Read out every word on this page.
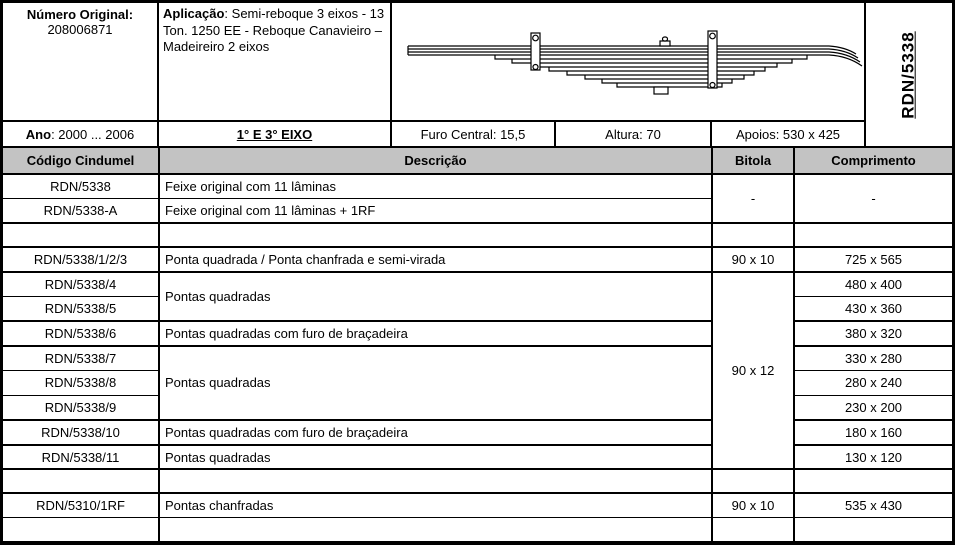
Número Original:
208006871
Aplicação: Semi-reboque 3 eixos - 13 Ton. 1250 EE - Reboque Canavieiro – Madeireiro 2 eixos	RDN/5338
Ano : 2000 ... 2006	1° E 3° EIXO	Furo Central: 15,5	Altura: 70	Apoios: 530 x 425
Código Cindumel	Descrição	Bitola	Comprimento
RDN/5338	Feixe original com 11 lâminas	-	-
RDN/5338-A	Feixe original com 11 lâminas + 1RF		

RDN/5338/1/2/3	Ponta quadrada / Ponta chanfrada e semi-virada	90 x 10	725 x 565
RDN/5338/4	Pontas quadradas	90 x 12	480 x 400
RDN/5338/5			430 x 360
RDN/5338/6	Pontas quadradas com furo de braçadeira		380 x 320
RDN/5338/7	Pontas quadradas		330 x 280
RDN/5338/8			280 x 240
RDN/5338/9			230 x 200
RDN/5338/10	Pontas quadradas com furo de braçadeira		180 x 160
RDN/5338/11	Pontas quadradas		130 x 120

RDN/5310/1RF	Pontas chanfradas	90 x 10	535 x 430
